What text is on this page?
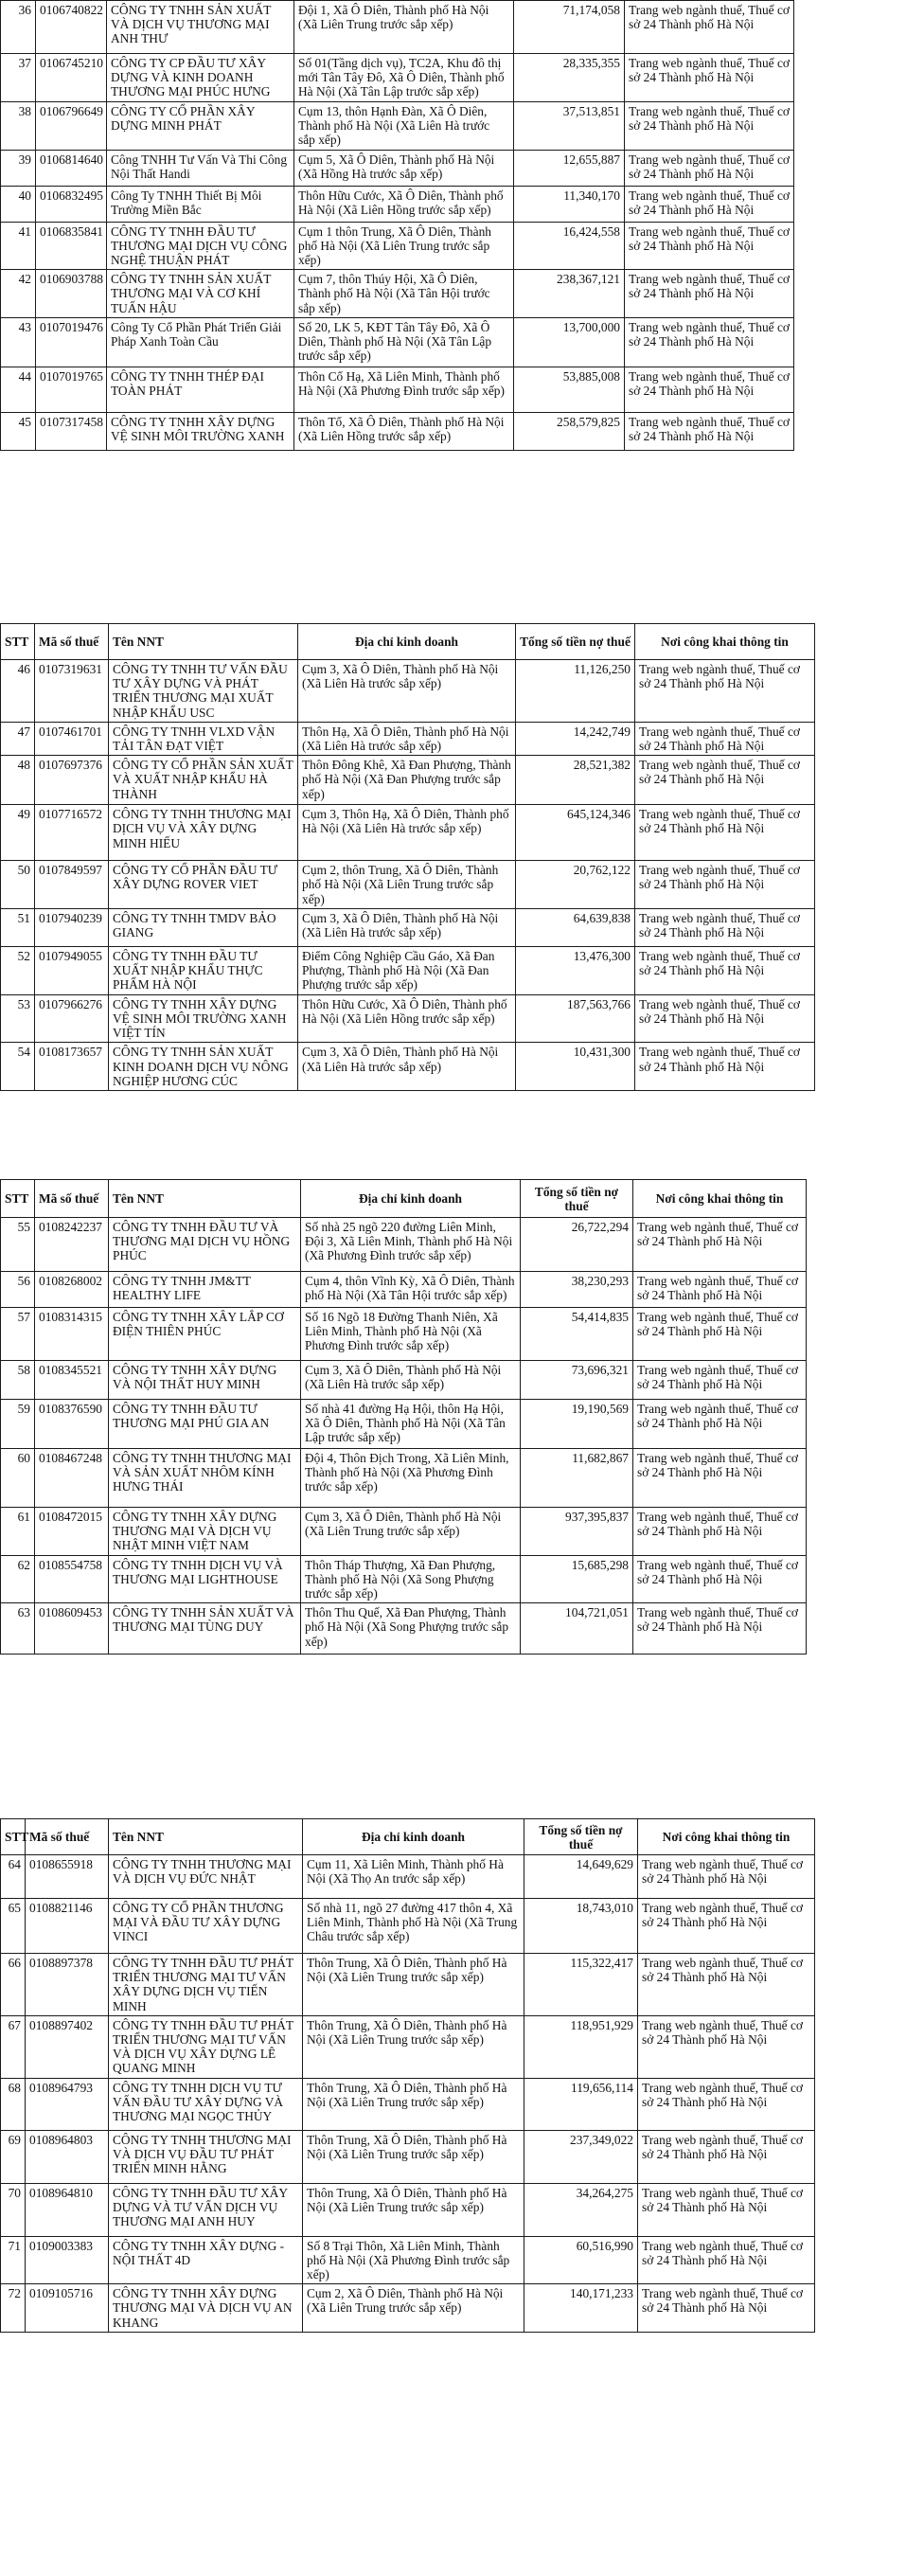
36	0106740822	CÔNG TY TNHH SẢN XUẤT VÀ DỊCH VỤ THƯƠNG MẠI ANH THƯ	Đội 1, Xã Ô Diên, Thành phố Hà Nội (Xã Liên Trung trước sắp xếp)	71,174,058	Trang web ngành thuế, Thuế cơ sở 24 Thành phố Hà Nội
37	0106745210	CÔNG TY CP ĐẦU TƯ XÂY DỰNG VÀ KINH DOANH THƯƠNG MẠI PHÚC HƯNG	Số 01(Tầng dịch vụ), TC2A, Khu đô thị mới Tân Tây Đô, Xã Ô Diên, Thành phố Hà Nội (Xã Tân Lập trước sắp xếp)	28,335,355	Trang web ngành thuế, Thuế cơ sở 24 Thành phố Hà Nội
38	0106796649	CÔNG TY CỔ PHẦN XÂY DỰNG MINH PHÁT	Cụm 13, thôn Hạnh Đàn, Xã Ô Diên, Thành phố Hà Nội (Xã Liên Hà trước sắp xếp)	37,513,851	Trang web ngành thuế, Thuế cơ sở 24 Thành phố Hà Nội
39	0106814640	Công TNHH Tư Vấn Và Thi Công Nội Thất Handi	Cụm 5, Xã Ô Diên, Thành phố Hà Nội (Xã Hồng Hà trước sắp xếp)	12,655,887	Trang web ngành thuế, Thuế cơ sở 24 Thành phố Hà Nội
40	0106832495	Công Ty TNHH Thiết Bị Môi Trường Miền Bắc	Thôn Hữu Cước, Xã Ô Diên, Thành phố Hà Nội (Xã Liên Hồng trước sắp xếp)	11,340,170	Trang web ngành thuế, Thuế cơ sở 24 Thành phố Hà Nội
41	0106835841	CÔNG TY TNHH ĐẦU TƯ THƯƠNG MẠI DỊCH VỤ CÔNG NGHỆ THUẬN PHÁT	Cụm 1 thôn Trung, Xã Ô Diên, Thành phố Hà Nội (Xã Liên Trung trước sắp xếp)	16,424,558	Trang web ngành thuế, Thuế cơ sở 24 Thành phố Hà Nội
42	0106903788	CÔNG TY TNHH SẢN XUẤT THƯƠNG MẠI VÀ CƠ KHÍ TUẤN HẬU	Cụm 7, thôn Thúy Hội, Xã Ô Diên, Thành phố Hà Nội (Xã Tân Hội trước sắp xếp)	238,367,121	Trang web ngành thuế, Thuế cơ sở 24 Thành phố Hà Nội
43	0107019476	Công Ty Cổ Phần Phát Triển Giải Pháp Xanh Toàn Cầu	Số 20, LK 5, KĐT Tân Tây Đô, Xã Ô Diên, Thành phố Hà Nội (Xã Tân Lập trước sắp xếp)	13,700,000	Trang web ngành thuế, Thuế cơ sở 24 Thành phố Hà Nội
44	0107019765	CÔNG TY TNHH THÉP ĐẠI TOÀN PHÁT	Thôn Cổ Hạ, Xã Liên Minh, Thành phố Hà Nội (Xã Phương Đình trước sắp xếp)	53,885,008	Trang web ngành thuế, Thuế cơ sở 24 Thành phố Hà Nội
45	0107317458	CÔNG TY TNHH XÂY DỰNG VỆ SINH MÔI TRƯỜNG XANH	Thôn Tổ, Xã Ô Diên, Thành phố Hà Nội (Xã Liên Hồng trước sắp xếp)	258,579,825	Trang web ngành thuế, Thuế cơ sở 24 Thành phố Hà Nội
STT	Mã số thuế	Tên NNT	Địa chỉ kinh doanh	Tổng số tiền nợ thuế	Nơi công khai thông tin
46	0107319631	CÔNG TY TNHH TƯ VẤN ĐẦU TƯ XÂY DỰNG VÀ PHÁT TRIỂN THƯƠNG MẠI XUẤT NHẬP KHẨU USC	Cụm 3, Xã Ô Diên, Thành phố Hà Nội (Xã Liên Hà trước sắp xếp)	11,126,250	Trang web ngành thuế, Thuế cơ sở 24 Thành phố Hà Nội
47	0107461701	CÔNG TY TNHH VLXD VẬN TẢI TÂN ĐẠT VIỆT	Thôn Hạ, Xã Ô Diên, Thành phố Hà Nội (Xã Liên Hà trước sắp xếp)	14,242,749	Trang web ngành thuế, Thuế cơ sở 24 Thành phố Hà Nội
48	0107697376	CÔNG TY CỔ PHẦN SẢN XUẤT VÀ XUẤT NHẬP KHẨU HÀ THÀNH	Thôn Đông Khê, Xã Đan Phượng, Thành phố Hà Nội (Xã Đan Phượng trước sắp xếp)	28,521,382	Trang web ngành thuế, Thuế cơ sở 24 Thành phố Hà Nội
49	0107716572	CÔNG TY TNHH THƯƠNG MẠI DỊCH VỤ VÀ XÂY DỰNG MINH HIẾU	Cụm 3, Thôn Hạ, Xã Ô Diên, Thành phố Hà Nội (Xã Liên Hà trước sắp xếp)	645,124,346	Trang web ngành thuế, Thuế cơ sở 24 Thành phố Hà Nội
50	0107849597	CÔNG TY CỔ PHẦN ĐẦU TƯ XÂY DỰNG ROVER VIET	Cụm 2, thôn Trung, Xã Ô Diên, Thành phố Hà Nội (Xã Liên Trung trước sắp xếp)	20,762,122	Trang web ngành thuế, Thuế cơ sở 24 Thành phố Hà Nội
51	0107940239	CÔNG TY TNHH TMDV BẢO GIANG	Cụm 3, Xã Ô Diên, Thành phố Hà Nội (Xã Liên Hà trước sắp xếp)	64,639,838	Trang web ngành thuế, Thuế cơ sở 24 Thành phố Hà Nội
52	0107949055	CÔNG TY TNHH ĐẦU TƯ XUẤT NHẬP KHẨU THỰC PHẨM HÀ NỘI	Điểm Công Nghiệp Cầu Gáo, Xã Đan Phượng, Thành phố Hà Nội (Xã Đan Phượng trước sắp xếp)	13,476,300	Trang web ngành thuế, Thuế cơ sở 24 Thành phố Hà Nội
53	0107966276	CÔNG TY TNHH XÂY DỰNG VỆ SINH MÔI TRƯỜNG XANH VIỆT TÍN	Thôn Hữu Cước, Xã Ô Diên, Thành phố Hà Nội (Xã Liên Hồng trước sắp xếp)	187,563,766	Trang web ngành thuế, Thuế cơ sở 24 Thành phố Hà Nội
54	0108173657	CÔNG TY TNHH SẢN XUẤT KINH DOANH DỊCH VỤ NÔNG NGHIỆP HƯƠNG CÚC	Cụm 3, Xã Ô Diên, Thành phố Hà Nội (Xã Liên Hà trước sắp xếp)	10,431,300	Trang web ngành thuế, Thuế cơ sở 24 Thành phố Hà Nội
STT	Mã số thuế	Tên NNT	Địa chỉ kinh doanh	Tổng số tiền nợ thuế	Nơi công khai thông tin
55	0108242237	CÔNG TY TNHH ĐẦU TƯ VÀ THƯƠNG MẠI DỊCH VỤ HỒNG PHÚC	Số nhà 25 ngõ 220 đường Liên Minh, Đội 3, Xã Liên Minh, Thành phố Hà Nội (Xã Phương Đình trước sắp xếp)	26,722,294	Trang web ngành thuế, Thuế cơ sở 24 Thành phố Hà Nội
56	0108268002	CÔNG TY TNHH JM&TT HEALTHY LIFE	Cụm 4, thôn Vĩnh Kỳ, Xã Ô Diên, Thành phố Hà Nội (Xã Tân Hội trước sắp xếp)	38,230,293	Trang web ngành thuế, Thuế cơ sở 24 Thành phố Hà Nội
57	0108314315	CÔNG TY TNHH XÂY LẮP CƠ ĐIỆN THIÊN PHÚC	Số 16 Ngõ 18 Đường Thanh Niên, Xã Liên Minh, Thành phố Hà Nội (Xã Phương Đình trước sắp xếp)	54,414,835	Trang web ngành thuế, Thuế cơ sở 24 Thành phố Hà Nội
58	0108345521	CÔNG TY TNHH XÂY DỰNG VÀ NỘI THẤT HUY MINH	Cụm 3, Xã Ô Diên, Thành phố Hà Nội (Xã Liên Hà trước sắp xếp)	73,696,321	Trang web ngành thuế, Thuế cơ sở 24 Thành phố Hà Nội
59	0108376590	CÔNG TY TNHH ĐẦU TƯ THƯƠNG MẠI PHÚ GIA AN	Số nhà 41 đường Hạ Hội, thôn Hạ Hội, Xã Ô Diên, Thành phố Hà Nội (Xã Tân Lập trước sắp xếp)	19,190,569	Trang web ngành thuế, Thuế cơ sở 24 Thành phố Hà Nội
60	0108467248	CÔNG TY TNHH THƯƠNG MẠI VÀ SẢN XUẤT NHÔM KÍNH HƯNG THÁI	Đội 4, Thôn Địch Trong, Xã Liên Minh, Thành phố Hà Nội (Xã Phương Đình trước sắp xếp)	11,682,867	Trang web ngành thuế, Thuế cơ sở 24 Thành phố Hà Nội
61	0108472015	CÔNG TY TNHH XÂY DỰNG THƯƠNG MẠI VÀ DỊCH VỤ NHẬT MINH VIỆT NAM	Cụm 3, Xã Ô Diên, Thành phố Hà Nội (Xã Liên Trung trước sắp xếp)	937,395,837	Trang web ngành thuế, Thuế cơ sở 24 Thành phố Hà Nội
62	0108554758	CÔNG TY TNHH DỊCH VỤ VÀ THƯƠNG MẠI LIGHTHOUSE	Thôn Tháp Thượng, Xã Đan Phượng, Thành phố Hà Nội (Xã Song Phượng trước sắp xếp)	15,685,298	Trang web ngành thuế, Thuế cơ sở 24 Thành phố Hà Nội
63	0108609453	CÔNG TY TNHH SẢN XUẤT VÀ THƯƠNG MẠI TÙNG DUY	Thôn Thu Quế, Xã Đan Phượng, Thành phố Hà Nội (Xã Song Phượng trước sắp xếp)	104,721,051	Trang web ngành thuế, Thuế cơ sở 24 Thành phố Hà Nội
STT	Mã số thuế	Tên NNT	Địa chỉ kinh doanh	Tổng số tiền nợ thuế	Nơi công khai thông tin
64	0108655918	CÔNG TY TNHH THƯƠNG MẠI VÀ DỊCH VỤ ĐỨC NHẬT	Cụm 11, Xã Liên Minh, Thành phố Hà Nội (Xã Thọ An trước sắp xếp)	14,649,629	Trang web ngành thuế, Thuế cơ sở 24 Thành phố Hà Nội
65	0108821146	CÔNG TY CỔ PHẦN THƯƠNG MẠI VÀ ĐẦU TƯ XÂY DỰNG VINCI	Số nhà 11, ngõ 27 đường 417 thôn 4, Xã Liên Minh, Thành phố Hà Nội (Xã Trung Châu trước sắp xếp)	18,743,010	Trang web ngành thuế, Thuế cơ sở 24 Thành phố Hà Nội
66	0108897378	CÔNG TY TNHH ĐẦU TƯ PHÁT TRIỂN THƯƠNG MẠI TƯ VẤN XÂY DỰNG DỊCH VỤ TIẾN MINH	Thôn Trung, Xã Ô Diên, Thành phố Hà Nội (Xã Liên Trung trước sắp xếp)	115,322,417	Trang web ngành thuế, Thuế cơ sở 24 Thành phố Hà Nội
67	0108897402	CÔNG TY TNHH ĐẦU TƯ PHÁT TRIỂN THƯƠNG MẠI TƯ VẤN VÀ DỊCH VỤ XÂY DỰNG LÊ QUANG MINH	Thôn Trung, Xã Ô Diên, Thành phố Hà Nội (Xã Liên Trung trước sắp xếp)	118,951,929	Trang web ngành thuế, Thuế cơ sở 24 Thành phố Hà Nội
68	0108964793	CÔNG TY TNHH DỊCH VỤ TƯ VẤN ĐẦU TƯ XÂY DỰNG VÀ THƯƠNG MẠI NGỌC THỦY	Thôn Trung, Xã Ô Diên, Thành phố Hà Nội (Xã Liên Trung trước sắp xếp)	119,656,114	Trang web ngành thuế, Thuế cơ sở 24 Thành phố Hà Nội
69	0108964803	CÔNG TY TNHH THƯƠNG MẠI VÀ DỊCH VỤ ĐẦU TƯ PHÁT TRIỂN MINH HẰNG	Thôn Trung, Xã Ô Diên, Thành phố Hà Nội (Xã Liên Trung trước sắp xếp)	237,349,022	Trang web ngành thuế, Thuế cơ sở 24 Thành phố Hà Nội
70	0108964810	CÔNG TY TNHH ĐẦU TƯ XÂY DỰNG VÀ TƯ VẤN DỊCH VỤ THƯƠNG MẠI ANH HUY	Thôn Trung, Xã Ô Diên, Thành phố Hà Nội (Xã Liên Trung trước sắp xếp)	34,264,275	Trang web ngành thuế, Thuế cơ sở 24 Thành phố Hà Nội
71	0109003383	CÔNG TY TNHH XÂY DỰNG - NỘI THẤT 4D	Số 8 Trại Thôn, Xã Liên Minh, Thành phố Hà Nội (Xã Phương Đình trước sắp xếp)	60,516,990	Trang web ngành thuế, Thuế cơ sở 24 Thành phố Hà Nội
72	0109105716	CÔNG TY TNHH XÂY DỰNG THƯƠNG MẠI VÀ DỊCH VỤ AN KHANG	Cụm 2, Xã Ô Diên, Thành phố Hà Nội (Xã Liên Trung trước sắp xếp)	140,171,233	Trang web ngành thuế, Thuế cơ sở 24 Thành phố Hà Nội
